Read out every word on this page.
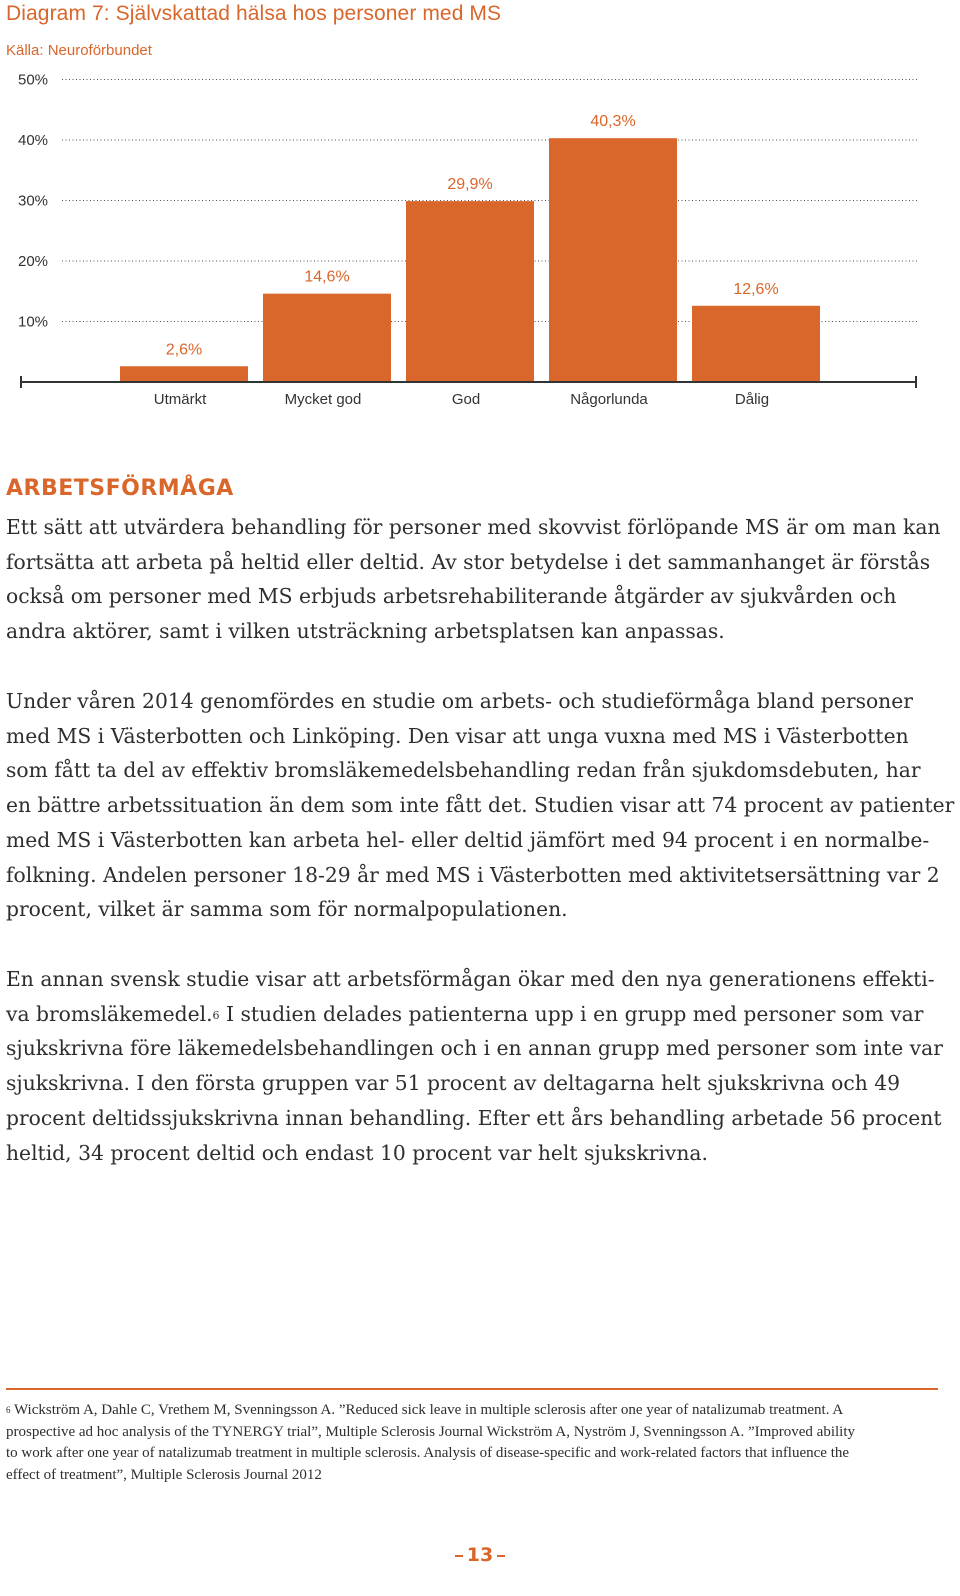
Diagram 7: Självskattad hälsa hos personer med MS
Källa: Neuroförbundet
10%
20%
30%
40%
50%
2,6%
Utmärkt
14,6%
Mycket god
29,9%
God
40,3%
Någorlunda
12,6%
Dålig
ARBETSFÖRMÅGA

Ett sätt att utvärdera behandling för personer med skovvist förlöpande MS är om man kan
fortsätta att arbeta på heltid eller deltid. Av stor betydelse i det sammanhanget är förstås
också om personer med MS erbjuds arbetsrehabiliterande åtgärder av sjukvården och
andra aktörer, samt i vilken utsträckning arbetsplatsen kan anpassas.

Under våren 2014 genomfördes en studie om arbets- och studieförmåga bland personer
med MS i Västerbotten och Linköping. Den visar att unga vuxna med MS i Västerbotten
som fått ta del av effektiv bromsläkemedelsbehandling redan från sjukdomsdebuten, har
en bättre arbetssituation än dem som inte fått det. Studien visar att 74 procent av patienter
med MS i Västerbotten kan arbeta hel- eller deltid jämfört med 94 procent i en normalbe-
folkning. Andelen personer 18-29 år med MS i Västerbotten med aktivitetsersättning var 2
procent, vilket är samma som för normalpopulationen.

En annan svensk studie visar att arbetsförmågan ökar med den nya generationens effekti-
va bromsläkemedel.$^6$ I studien delades patienterna upp i en grupp med personer som var
sjukskrivna före läkemedelsbehandlingen och i en annan grupp med personer som inte var
sjukskrivna. I den första gruppen var 51 procent av deltagarna helt sjukskrivna och 49
procent deltidssjukskrivna innan behandling. Efter ett års behandling arbetade 56 procent
heltid, 34 procent deltid och endast 10 procent var helt sjukskrivna.

$^6$ Wickström A, Dahle C, Vrethem M, Svenningsson A. ”Reduced sick leave in multiple sclerosis after one year of natalizumab treatment. A
prospective ad hoc analysis of the TYNERGY trial”, Multiple Sclerosis Journal Wickström A, Nyström J, Svenningsson A. ”Improved ability
to work after one year of natalizumab treatment in multiple sclerosis. Analysis of disease-specific and work-related factors that influence the
effect of treatment”, Multiple Sclerosis Journal 2012

13
